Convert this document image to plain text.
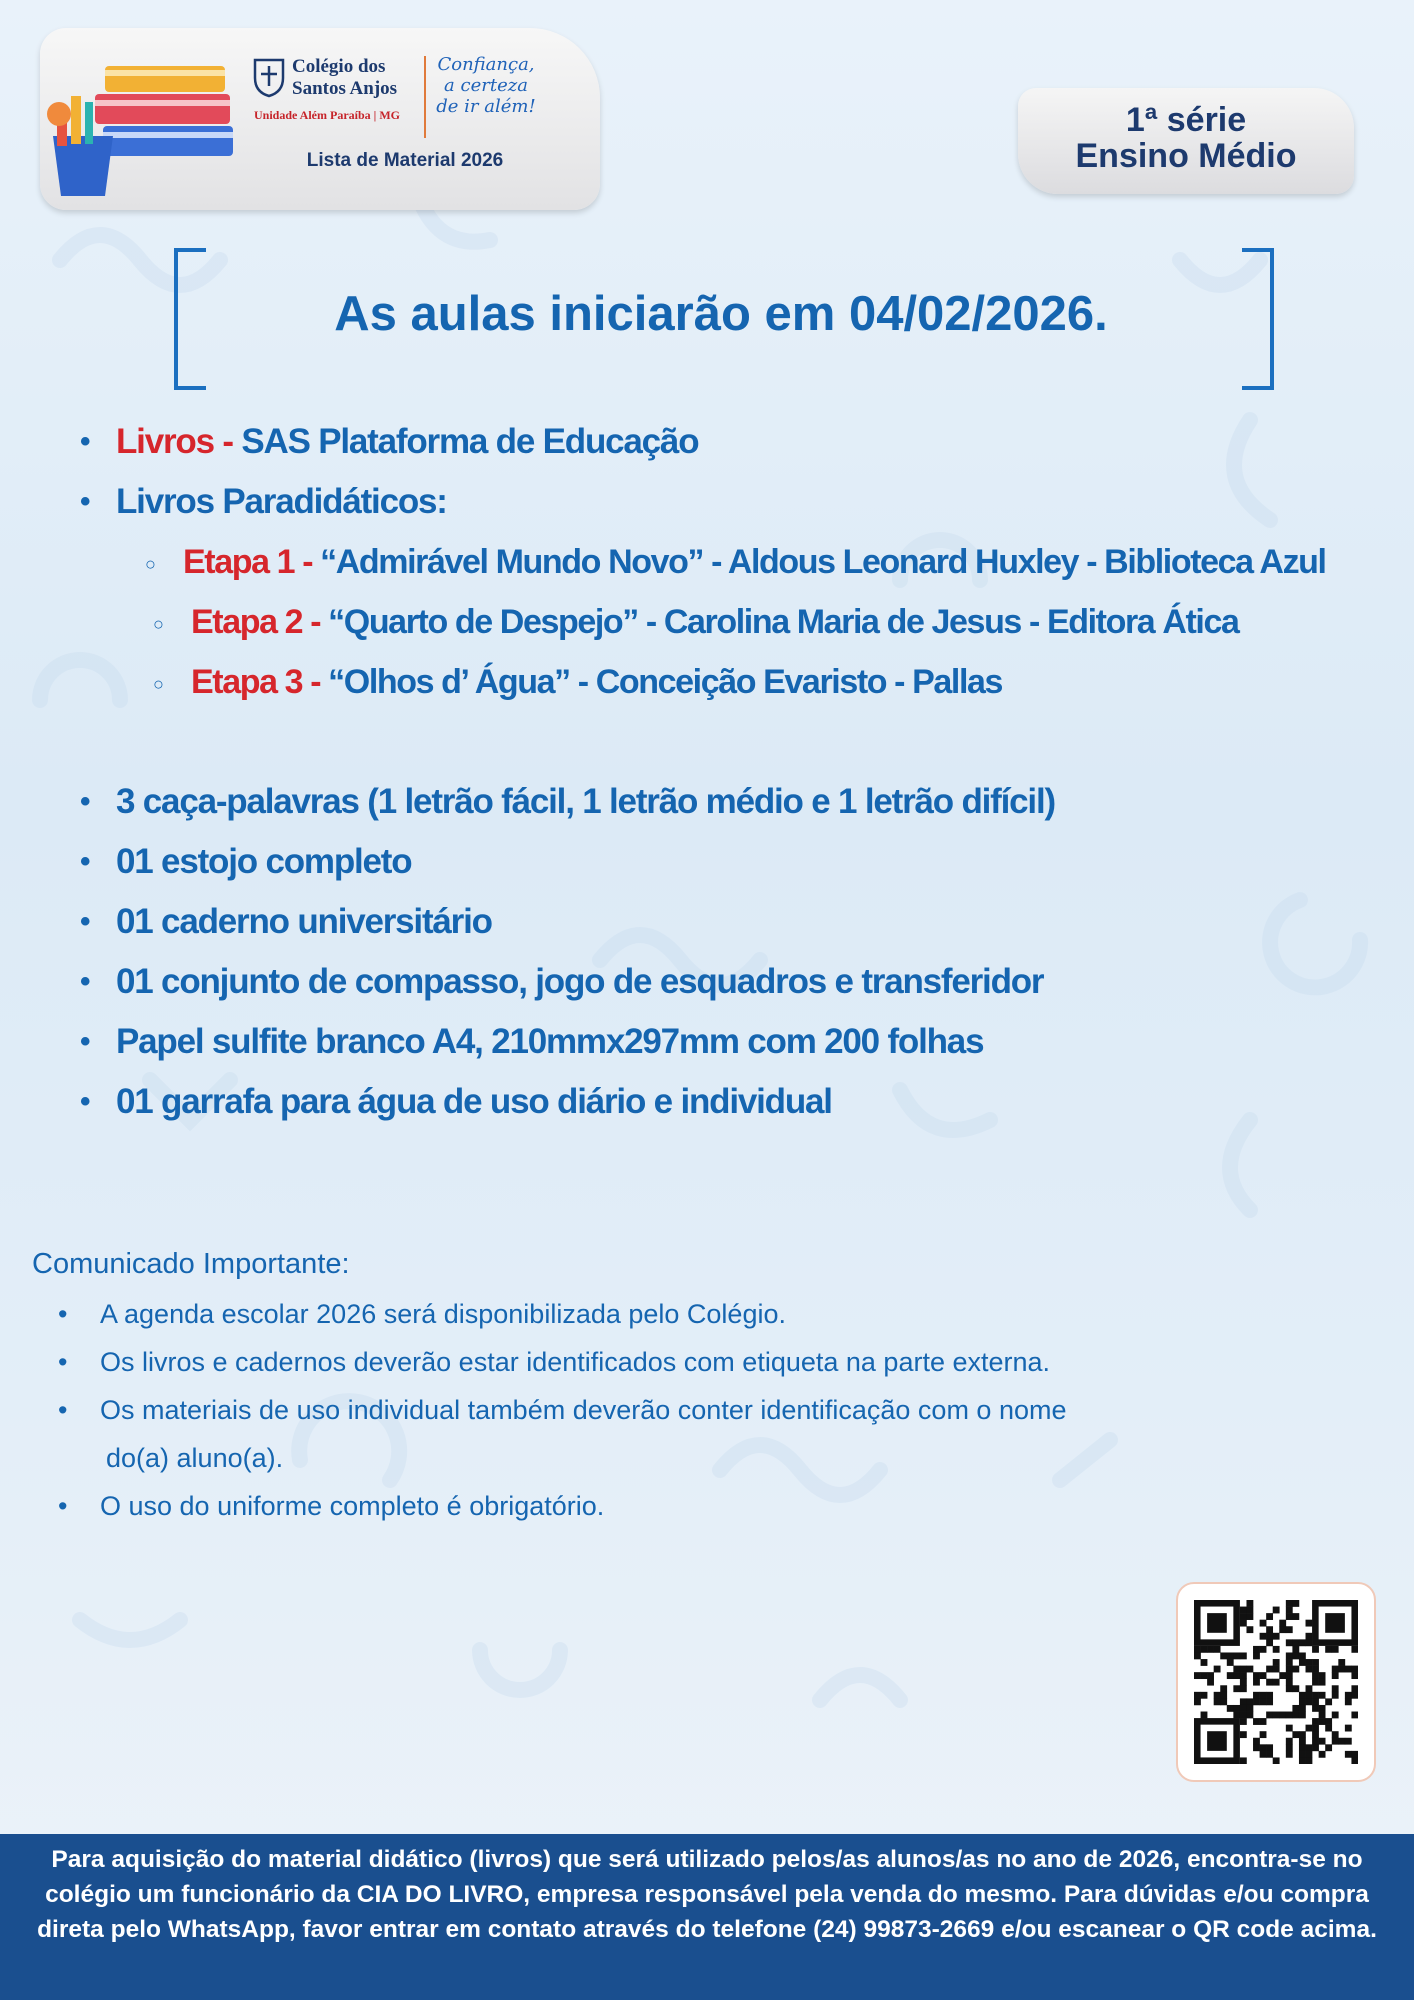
Colégio dos Santos Anjos
Unidade Além Paraíba | MG
Confiança, a certeza de ir além!
Lista de Material 2026
1ª série
Ensino Médio
As aulas iniciarão em 04/02/2026.
• Livros - SAS Plataforma de Educação
• Livros Paradidáticos:
○ Etapa 1 - “Admirável Mundo Novo” - Aldous Leonard Huxley - Biblioteca Azul
○ Etapa 2 - “Quarto de Despejo” - Carolina Maria de Jesus - Editora Ática
○ Etapa 3 - “Olhos d’ Água” - Conceição Evaristo - Pallas
• 3 caça-palavras (1 letrão fácil, 1 letrão médio e 1 letrão difícil)
• 01 estojo completo
• 01 caderno universitário
• 01 conjunto de compasso, jogo de esquadros e transferidor
• Papel sulfite branco A4, 210mmx297mm com 200 folhas
• 01 garrafa para água de uso diário e individual
Comunicado Importante:
• A agenda escolar 2026 será disponibilizada pelo Colégio.
• Os livros e cadernos deverão estar identificados com etiqueta na parte externa.
• Os materiais de uso individual também deverão conter identificação com o nome
do(a) aluno(a).
• O uso do uniforme completo é obrigatório.

Para aquisição do material didático (livros) que será utilizado pelos/as alunos/as no ano de 2026, encontra-se no colégio um funcionário da CIA DO LIVRO, empresa responsável pela venda do mesmo. Para dúvidas e/ou compra direta pelo WhatsApp, favor entrar em contato através do telefone (24) 99873-2669 e/ou escanear o QR code acima.
